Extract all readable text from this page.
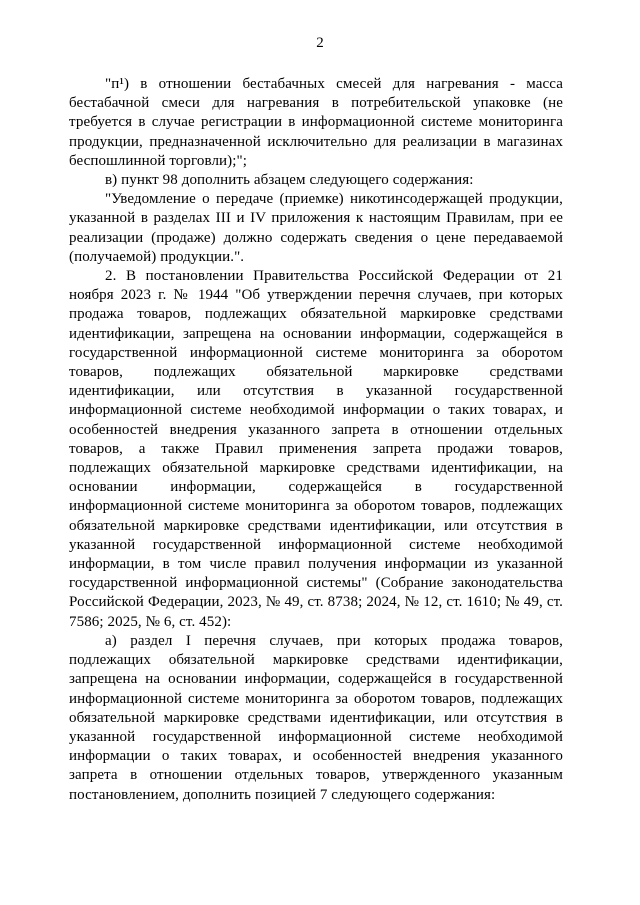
2

"п¹) в отношении бестабачных смесей для нагревания - масса бестабачной смеси для нагревания в потребительской упаковке (не требуется в случае регистрации в информационной системе мониторинга продукции, предназначенной исключительно для реализации в магазинах беспошлинной торговли);";

в) пункт 98 дополнить абзацем следующего содержания:

"Уведомление о передаче (приемке) никотинсодержащей продукции, указанной в разделах III и IV приложения к настоящим Правилам, при ее реализации (продаже) должно содержать сведения о цене передаваемой (получаемой) продукции.".

2. В постановлении Правительства Российской Федерации от 21 ноября 2023 г. № 1944 "Об утверждении перечня случаев, при которых продажа товаров, подлежащих обязательной маркировке средствами идентификации, запрещена на основании информации, содержащейся в государственной информационной системе мониторинга за оборотом товаров, подлежащих обязательной маркировке средствами идентификации, или отсутствия в указанной государственной информационной системе необходимой информации о таких товарах, и особенностей внедрения указанного запрета в отношении отдельных товаров, а также Правил применения запрета продажи товаров, подлежащих обязательной маркировке средствами идентификации, на основании информации, содержащейся в государственной информационной системе мониторинга за оборотом товаров, подлежащих обязательной маркировке средствами идентификации, или отсутствия в указанной государственной информационной системе необходимой информации, в том числе правил получения информации из указанной государственной информационной системы" (Собрание законодательства Российской Федерации, 2023, № 49, ст. 8738; 2024, № 12, ст. 1610; № 49, ст. 7586; 2025, № 6, ст. 452):

а) раздел I перечня случаев, при которых продажа товаров, подлежащих обязательной маркировке средствами идентификации, запрещена на основании информации, содержащейся в государственной информационной системе мониторинга за оборотом товаров, подлежащих обязательной маркировке средствами идентификации, или отсутствия в указанной государственной информационной системе необходимой информации о таких товарах, и особенностей внедрения указанного запрета в отношении отдельных товаров, утвержденного указанным постановлением, дополнить позицией 7 следующего содержания:
